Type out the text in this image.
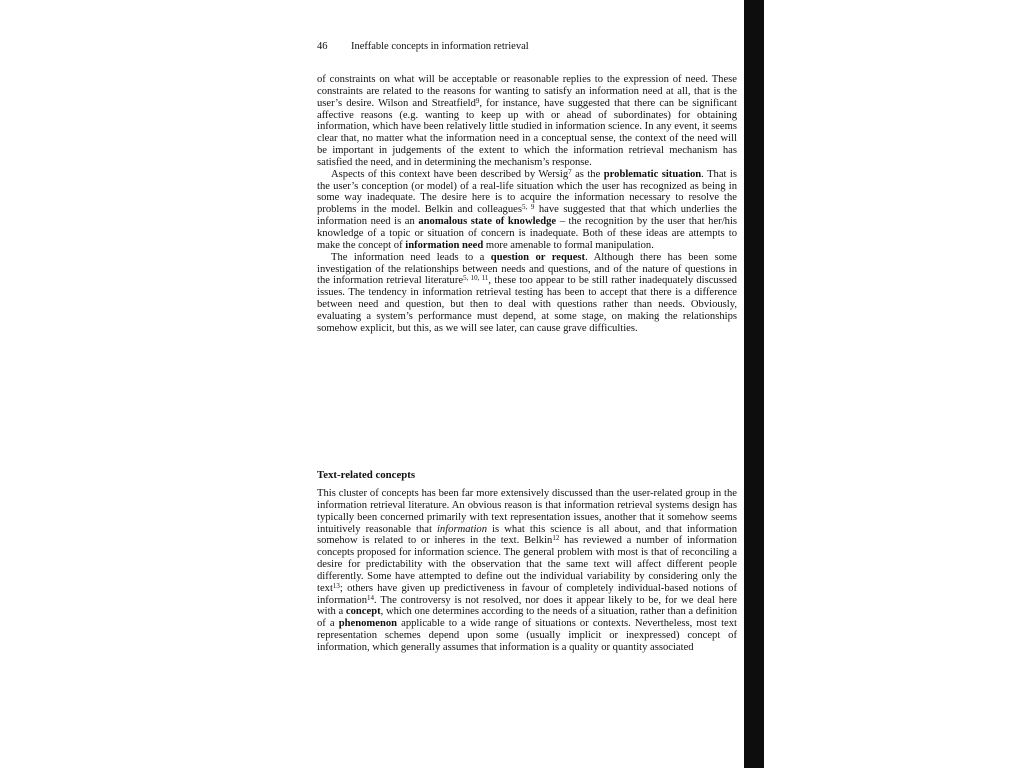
46 Ineffable concepts in information retrieval

of constraints on what will be acceptable or reasonable replies to the expression of need. These constraints are related to the reasons for wanting to satisfy an information need at all, that is the user’s desire. Wilson and Streatfield$^9$, for instance, have suggested that there can be significant affective reasons (e.g. wanting to keep up with or ahead of subordinates) for obtaining information, which have been relatively little studied in information science. In any event, it seems clear that, no matter what the information need in a conceptual sense, the context of the need will be important in judgements of the extent to which the information retrieval mechanism has satisfied the need, and in determining the mechanism’s response.

Aspects of this context have been described by Wersig$^7$ as the problematic situation. That is the user’s conception (or model) of a real-life situation which the user has recognized as being in some way inadequate. The desire here is to acquire the information necessary to resolve the problems in the model. Belkin and colleagues$^{5, 9}$ have suggested that that which underlies the information need is an anomalous state of knowledge – the recognition by the user that her/his knowledge of a topic or situation of concern is inadequate. Both of these ideas are attempts to make the concept of information need more amenable to formal manipulation.

The information need leads to a question or request. Although there has been some investigation of the relationships between needs and questions, and of the nature of questions in the information retrieval literature$^{5, 10, 11}$, these too appear to be still rather inadequately discussed issues. The tendency in information retrieval testing has been to accept that there is a difference between need and question, but then to deal with questions rather than needs. Obviously, evaluating a system’s performance must depend, at some stage, on making the relationships somehow explicit, but this, as we will see later, can cause grave difficulties.

Text-related concepts

This cluster of concepts has been far more extensively discussed than the user-related group in the information retrieval literature. An obvious reason is that information retrieval systems design has typically been concerned primarily with text representation issues, another that it somehow seems intuitively reasonable that information is what this science is all about, and that information somehow is related to or inheres in the text. Belkin$^{12}$ has reviewed a number of information concepts proposed for information science. The general problem with most is that of reconciling a desire for predictability with the observation that the same text will affect different people differently. Some have attempted to define out the individual variability by considering only the text$^{13}$; others have given up predictiveness in favour of completely individual-based notions of information$^{14}$. The controversy is not resolved, nor does it appear likely to be, for we deal here with a concept, which one determines according to the needs of a situation, rather than a definition of a phenomenon applicable to a wide range of situations or contexts. Nevertheless, most text representation schemes depend upon some (usually implicit or inexpressed) concept of information, which generally assumes that information is a quality or quantity associated
